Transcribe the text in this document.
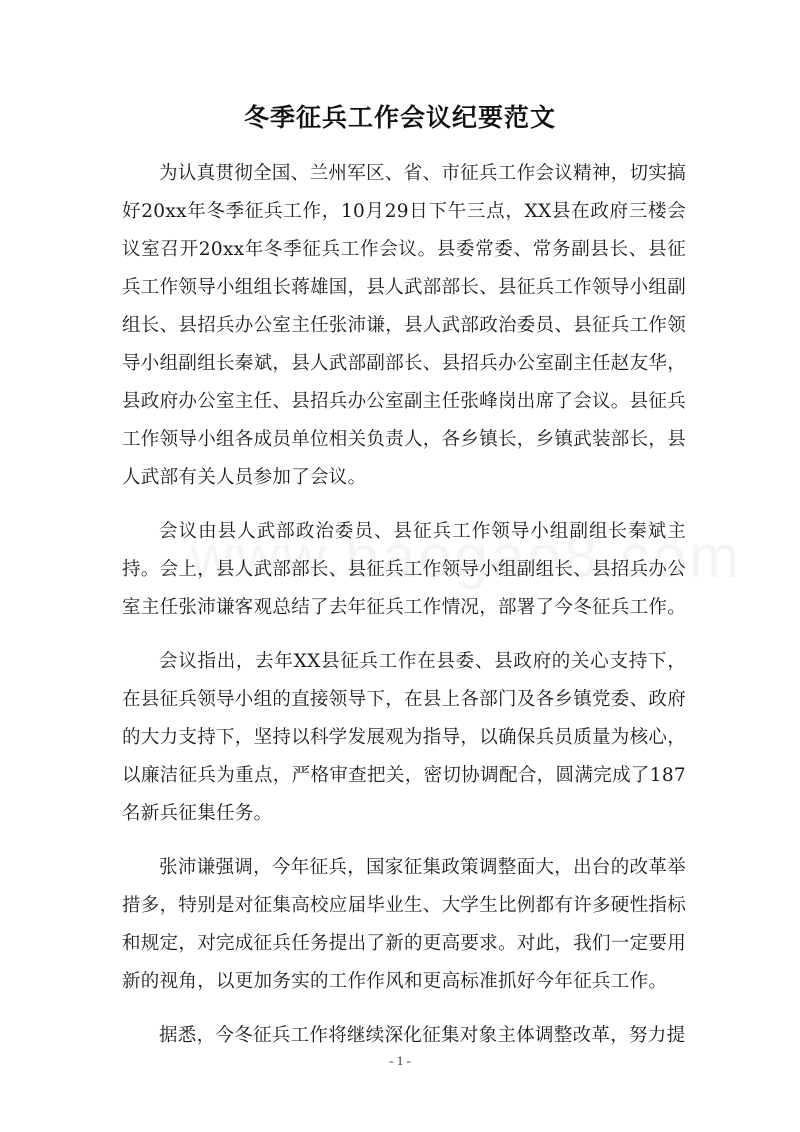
冬季征兵工作会议纪要范文

为认真贯彻全国、兰州军区、省、市征兵工作会议精神，切实搞好20xx年冬季征兵工作，10月29日下午三点，XX县在政府三楼会议室召开20xx年冬季征兵工作会议。县委常委、常务副县长、县征兵工作领导小组组长蒋雄国，县人武部部长、县征兵工作领导小组副组长、县招兵办公室主任张沛谦，县人武部政治委员、县征兵工作领导小组副组长秦斌，县人武部副部长、县招兵办公室副主任赵友华，县政府办公室主任、县招兵办公室副主任张峰岗出席了会议。县征兵工作领导小组各成员单位相关负责人，各乡镇长，乡镇武装部长，县人武部有关人员参加了会议。

会议由县人武部政治委员、县征兵工作领导小组副组长秦斌主持。会上，县人武部部长、县征兵工作领导小组副组长、县招兵办公室主任张沛谦客观总结了去年征兵工作情况，部署了今冬征兵工作。

会议指出，去年XX县征兵工作在县委、县政府的关心支持下，在县征兵领导小组的直接领导下，在县上各部门及各乡镇党委、政府的大力支持下，坚持以科学发展观为指导，以确保兵员质量为核心，以廉洁征兵为重点，严格审查把关，密切协调配合，圆满完成了187名新兵征集任务。

张沛谦强调，今年征兵，国家征集政策调整面大，出台的改革举措多，特别是对征集高校应届毕业生、大学生比例都有许多硬性指标和规定，对完成征兵任务提出了新的更高要求。对此，我们一定要用新的视角，以更加务实的工作作风和更高标准抓好今年征兵工作。

据悉，今冬征兵工作将继续深化征集对象主体调整改革，努力提

- 1 -
